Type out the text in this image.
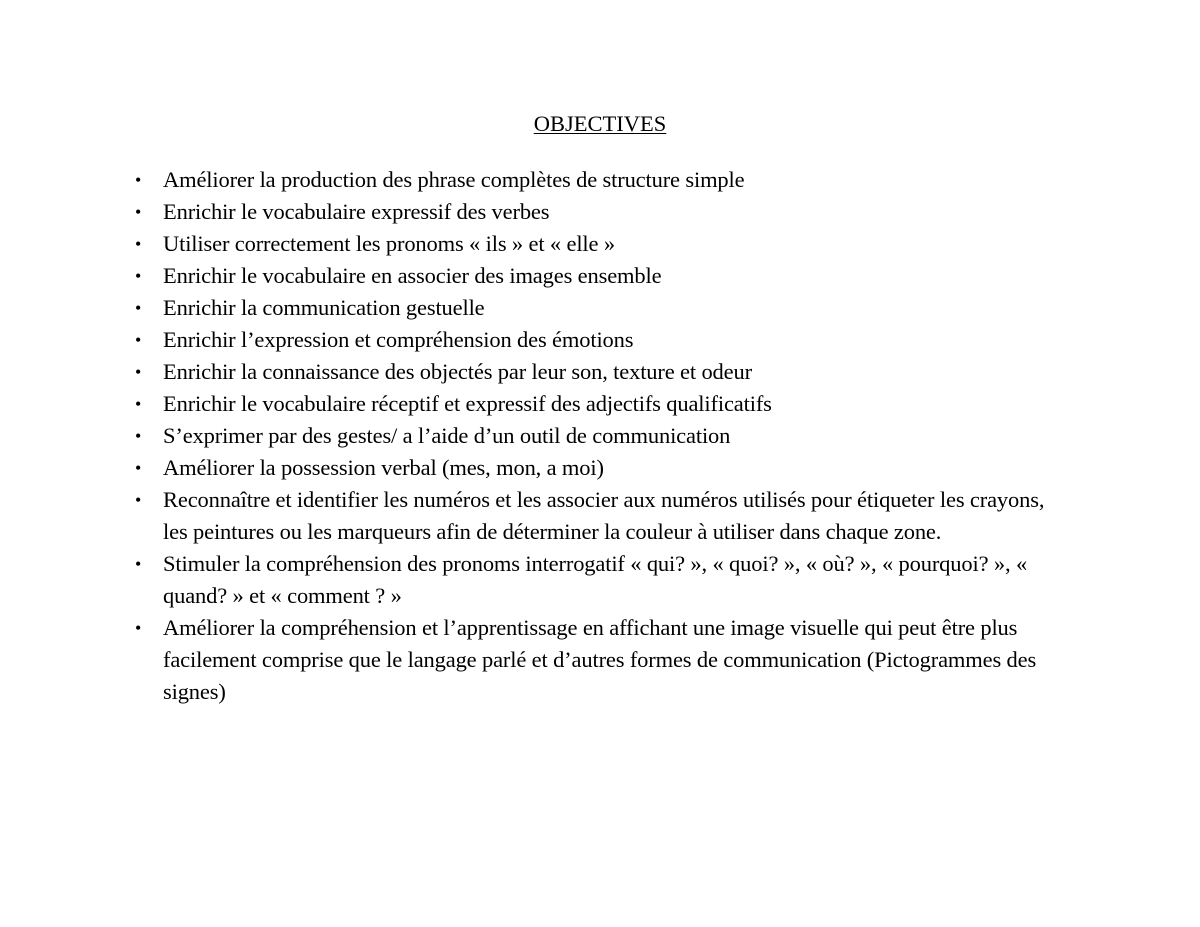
OBJECTIVES
• Améliorer la production des phrase complètes de structure simple
• Enrichir le vocabulaire expressif des verbes
• Utiliser correctement les pronoms « ils » et « elle »
• Enrichir le vocabulaire en associer des images ensemble
• Enrichir la communication gestuelle
• Enrichir l’expression et compréhension des émotions
• Enrichir la connaissance des objectés par leur son, texture et odeur
• Enrichir le vocabulaire réceptif et expressif des adjectifs qualificatifs
• S’exprimer par des gestes/ a l’aide d’un outil de communication
• Améliorer la possession verbal (mes, mon, a moi)
• Reconnaître et identifier les numéros et les associer aux numéros utilisés pour étiqueter les crayons, les peintures ou les marqueurs afin de déterminer la couleur à utiliser dans chaque zone.
• Stimuler la compréhension des pronoms interrogatif « qui? », « quoi? », « où? », « pourquoi? », « quand? » et « comment ? »
• Améliorer la compréhension et l’apprentissage en affichant une image visuelle qui peut être plus facilement comprise que le langage parlé et d’autres formes de communication (Pictogrammes des signes)
